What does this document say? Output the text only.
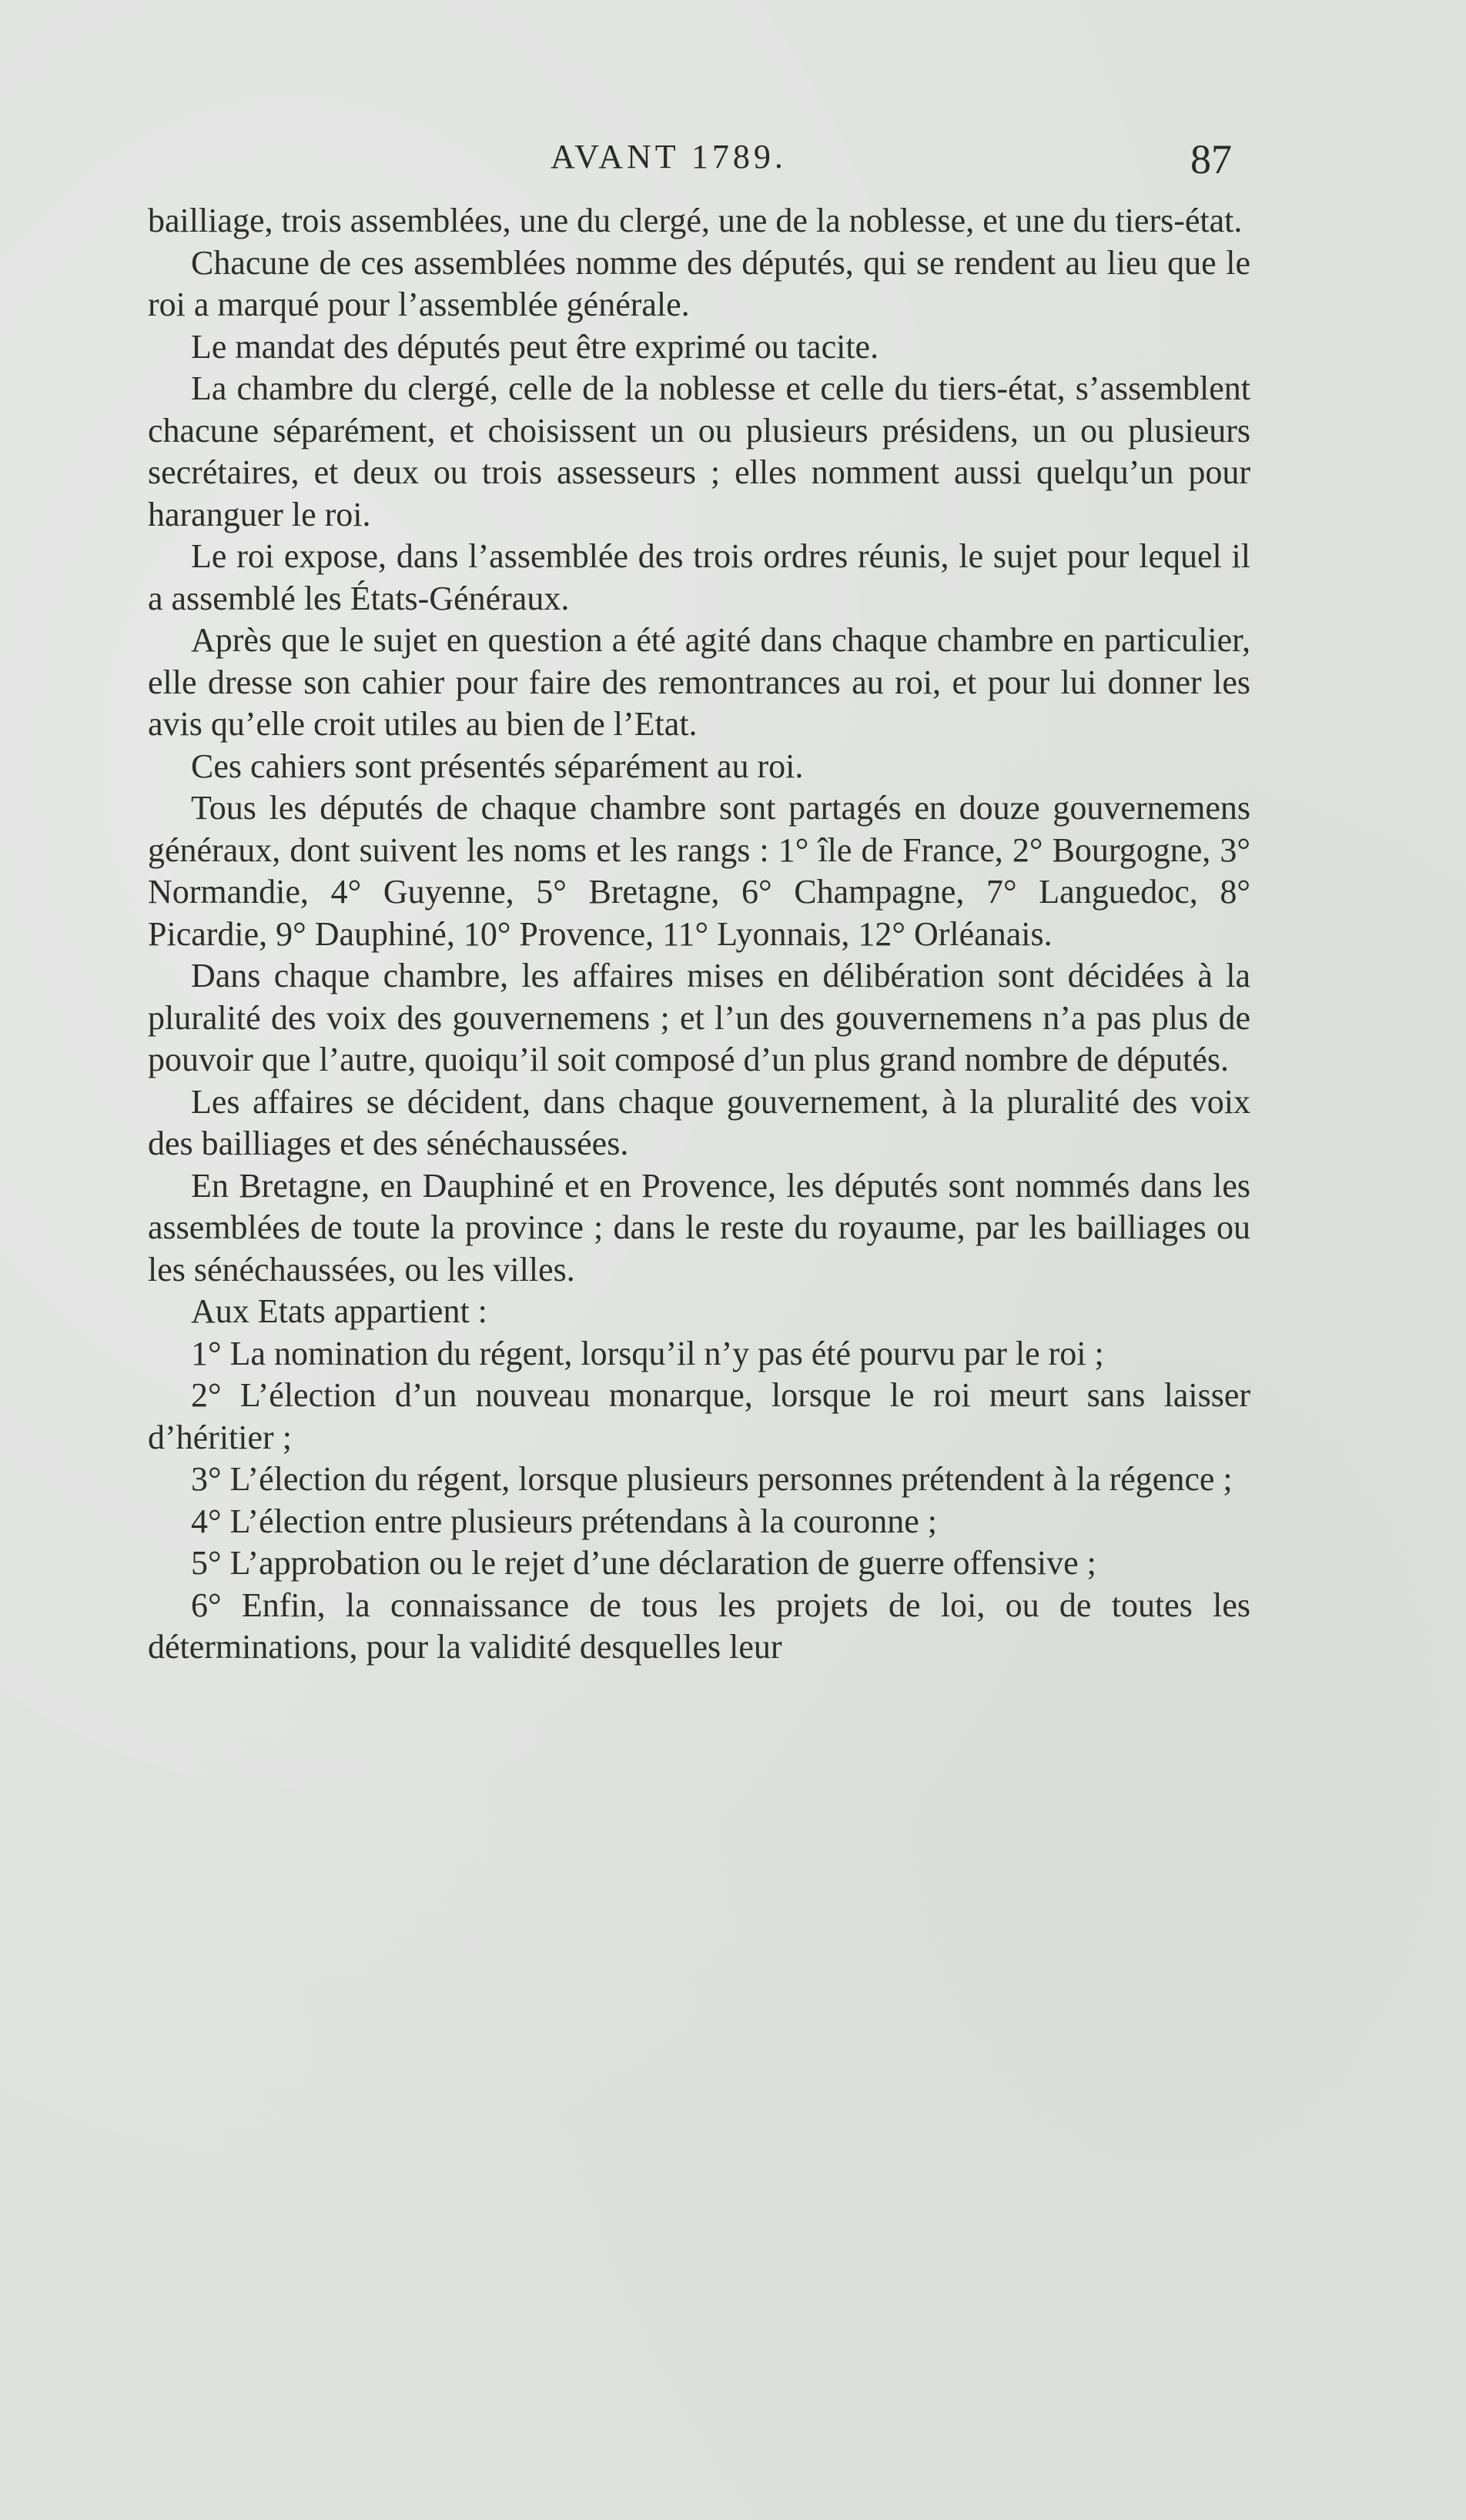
AVANT 1789.	87

bailliage, trois assemblées, une du clergé, une de la noblesse, et une du tiers-état.

Chacune de ces assemblées nomme des députés, qui se rendent au lieu que le roi a marqué pour l’assemblée générale.

Le mandat des députés peut être exprimé ou tacite.

La chambre du clergé, celle de la noblesse et celle du tiers-état, s’assemblent chacune séparément, et choisissent un ou plusieurs présidens, un ou plusieurs secrétaires, et deux ou trois assesseurs ; elles nomment aussi quelqu’un pour haranguer le roi.

Le roi expose, dans l’assemblée des trois ordres réunis, le sujet pour lequel il a assemblé les États-Généraux.

Après que le sujet en question a été agité dans chaque chambre en particulier, elle dresse son cahier pour faire des remontrances au roi, et pour lui donner les avis qu’elle croit utiles au bien de l’Etat.

Ces cahiers sont présentés séparément au roi.

Tous les députés de chaque chambre sont partagés en douze gouvernemens généraux, dont suivent les noms et les rangs : 1° île de France, 2° Bourgogne, 3° Normandie, 4° Guyenne, 5° Bretagne, 6° Champagne, 7° Languedoc, 8° Picardie, 9° Dauphiné, 10° Provence, 11° Lyonnais, 12° Orléanais.

Dans chaque chambre, les affaires mises en délibération sont décidées à la pluralité des voix des gouvernemens ; et l’un des gouvernemens n’a pas plus de pouvoir que l’autre, quoiqu’il soit composé d’un plus grand nombre de députés.

Les affaires se décident, dans chaque gouvernement, à la pluralité des voix des bailliages et des sénéchaussées.

En Bretagne, en Dauphiné et en Provence, les députés sont nommés dans les assemblées de toute la province ; dans le reste du royaume, par les bailliages ou les sénéchaussées, ou les villes.

Aux Etats appartient :

1° La nomination du régent, lorsqu’il n’y pas été pourvu par le roi ;

2° L’élection d’un nouveau monarque, lorsque le roi meurt sans laisser d’héritier ;

3° L’élection du régent, lorsque plusieurs personnes prétendent à la régence ;

4° L’élection entre plusieurs prétendans à la couronne ;

5° L’approbation ou le rejet d’une déclaration de guerre offensive ;

6° Enfin, la connaissance de tous les projets de loi, ou de toutes les déterminations, pour la validité desquelles leur
